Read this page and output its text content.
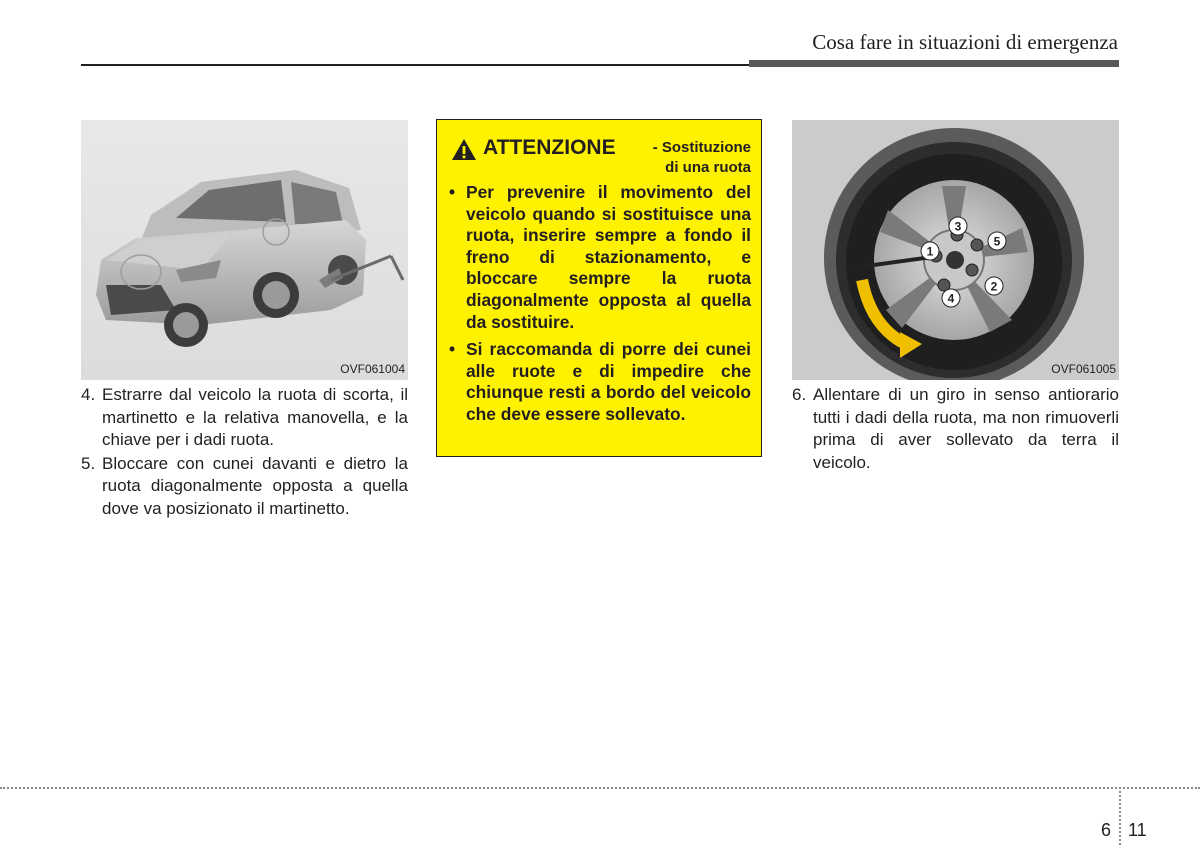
Cosa fare in situazioni di emergenza
OVF061004
4. Estrarre dal veicolo la ruota di scorta, il martinetto e la relativa manovella, e la chiave per i dadi ruota.
5. Bloccare con cunei davanti e dietro la ruota diagonalmente opposta a quella dove va posizionato il martinetto.
ATTENZIONE - Sostituzione
di una ruota
• Per prevenire il movimento del veicolo quando si sostituisce una ruota, inserire sempre a fondo il freno di stazionamento, e bloccare sempre la ruota diagonalmente opposta al quella da sostituire.
• Si raccomanda di porre dei cunei alle ruote e di impedire che chiunque resti a bordo del veicolo che deve essere sollevato.
1
2
3
4
5
OVF061005
6. Allentare di un giro in senso antiorario tutti i dadi della ruota, ma non rimuoverli prima di aver sollevato da terra il veicolo.
6 11
